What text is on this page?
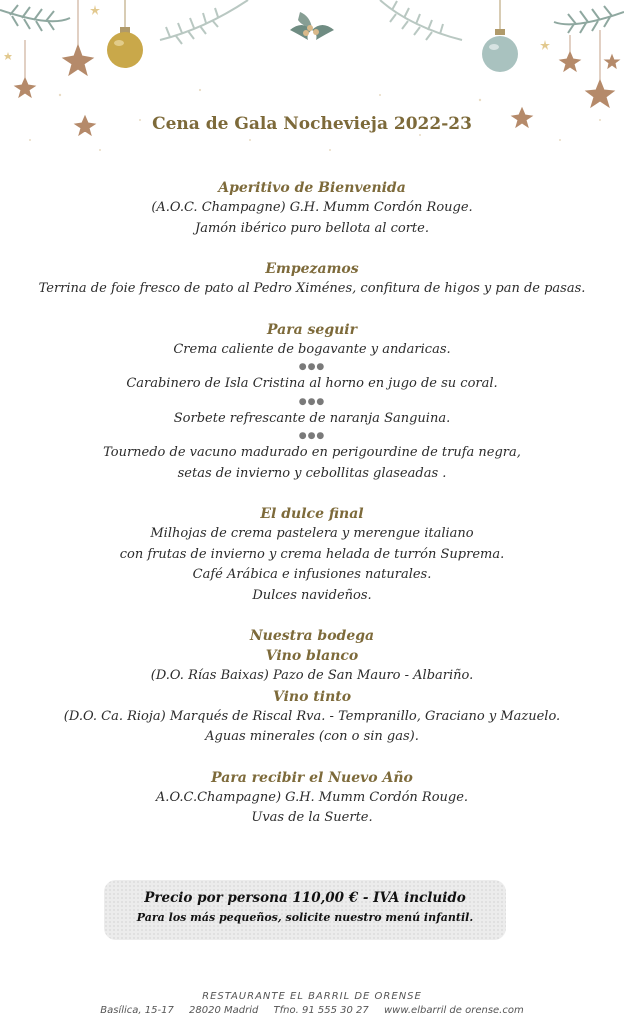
Cena de Gala Nochevieja 2022-23
Aperitivo de Bienvenida
(A.O.C. Champagne) G.H. Mumm Cordón Rouge.
Jamón ibérico puro bellota al corte.
Empezamos
Terrina de foie fresco de pato al Pedro Ximénes, confitura de higos y pan de pasas.
Para seguir
Crema caliente de bogavante y andaricas.
●●●
Carabinero de Isla Cristina al horno en jugo de su coral.
●●●
Sorbete refrescante de naranja Sanguina.
●●●
Tournedo de vacuno madurado en perigourdine de trufa negra,
setas de invierno y cebollitas glaseadas .
El dulce final
Milhojas de crema pastelera y merengue italiano
con frutas de invierno y crema helada de turrón Suprema.
Café Arábica e infusiones naturales.
Dulces navideños.
Nuestra bodega
Vino blanco
(D.O. Rías Baixas) Pazo de San Mauro - Albariño.
Vino tinto
(D.O. Ca. Rioja) Marqués de Riscal Rva. - Tempranillo, Graciano y Mazuelo.
Aguas minerales (con o sin gas).
Para recibir el Nuevo Año
A.O.C.Champagne) G.H. Mumm Cordón Rouge.
Uvas de la Suerte.
Precio por persona 110,00 € - IVA incluido
Para los más pequeños, solicite nuestro menú infantil.
RESTAURANTE EL BARRIL DE ORENSE
Basílica, 15-17 28020 Madrid Tfno. 91 555 30 27 www.elbarril de orense.com
